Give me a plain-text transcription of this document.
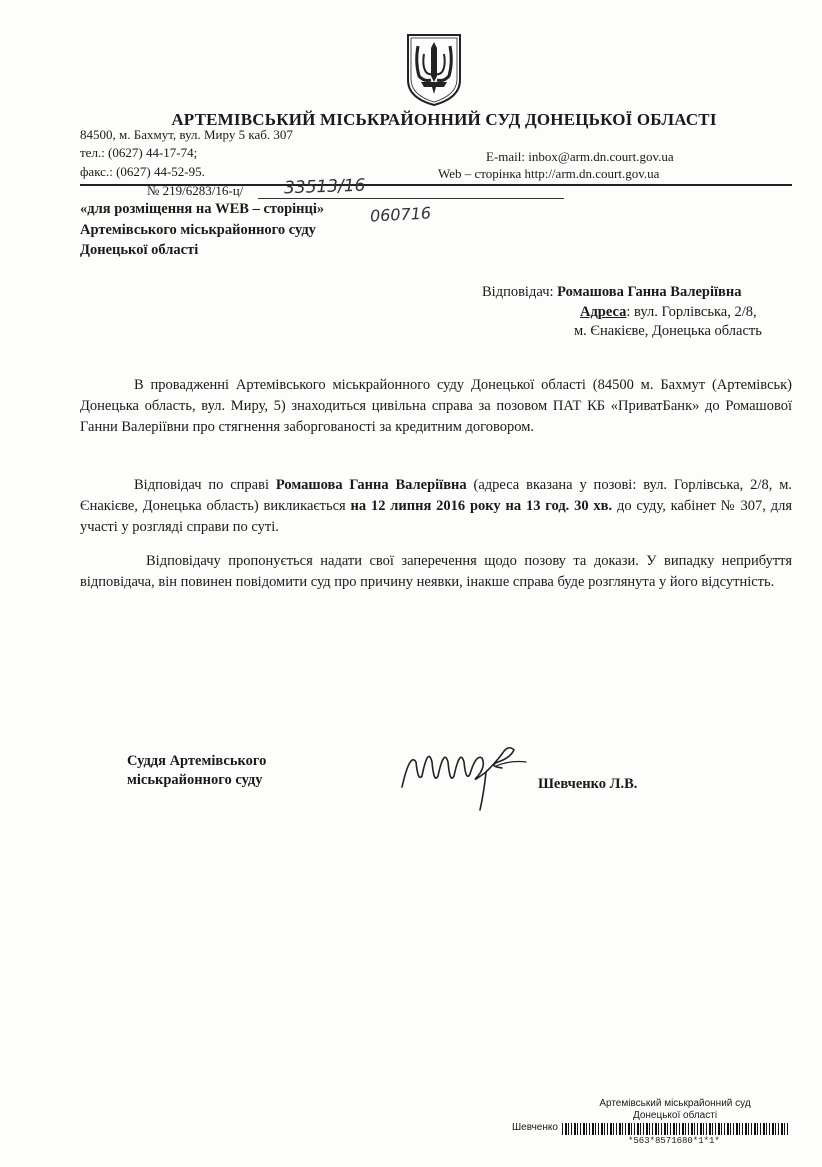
АРТЕМІВСЬКИЙ МІСЬКРАЙОННИЙ СУД ДОНЕЦЬКОЇ ОБЛАСТІ
84500, м. Бахмут, вул. Миру 5 каб. 307
тел.: (0627) 44-17-74;
факс.: (0627) 44-52-95.
E-mail: inbox@arm.dn.court.gov.ua
Web – сторінка http://arm.dn.court.gov.ua
№ 219/6283/16-ц/ 33513/16
060716
«для розміщення на WEB – сторінці»
Артемівського міськрайонного суду
Донецької області
Відповідач: Ромашова Ганна Валеріївна
Адреса: вул. Горлівська, 2/8,
м. Єнакієве, Донецька область
В провадженні Артемівського міськрайонного суду Донецької області (84500 м. Бахмут (Артемівськ) Донецька область, вул. Миру, 5) знаходиться цивільна справа за позовом ПАТ КБ «ПриватБанк» до Ромашової Ганни Валеріївни про стягнення заборгованості за кредитним договором.
Відповідач по справі Ромашова Ганна Валеріївна (адреса вказана у позові: вул. Горлівська, 2/8, м. Єнакієве, Донецька область) викликається на 12 липня 2016 року на 13 год. 30 хв. до суду, кабінет № 307, для участі у розгляді справи по суті.
Відповідачу пропонується надати свої заперечення щодо позову та докази. У випадку неприбуття відповідача, він повинен повідомити суд про причину неявки, інакше справа буде розглянута у його відсутність.
Суддя Артемівського
міськрайонного суду	Шевченко Л.В.
Артемівський міськрайонний суд
Донецької області
Шевченко
*563*8571680*1*1*
